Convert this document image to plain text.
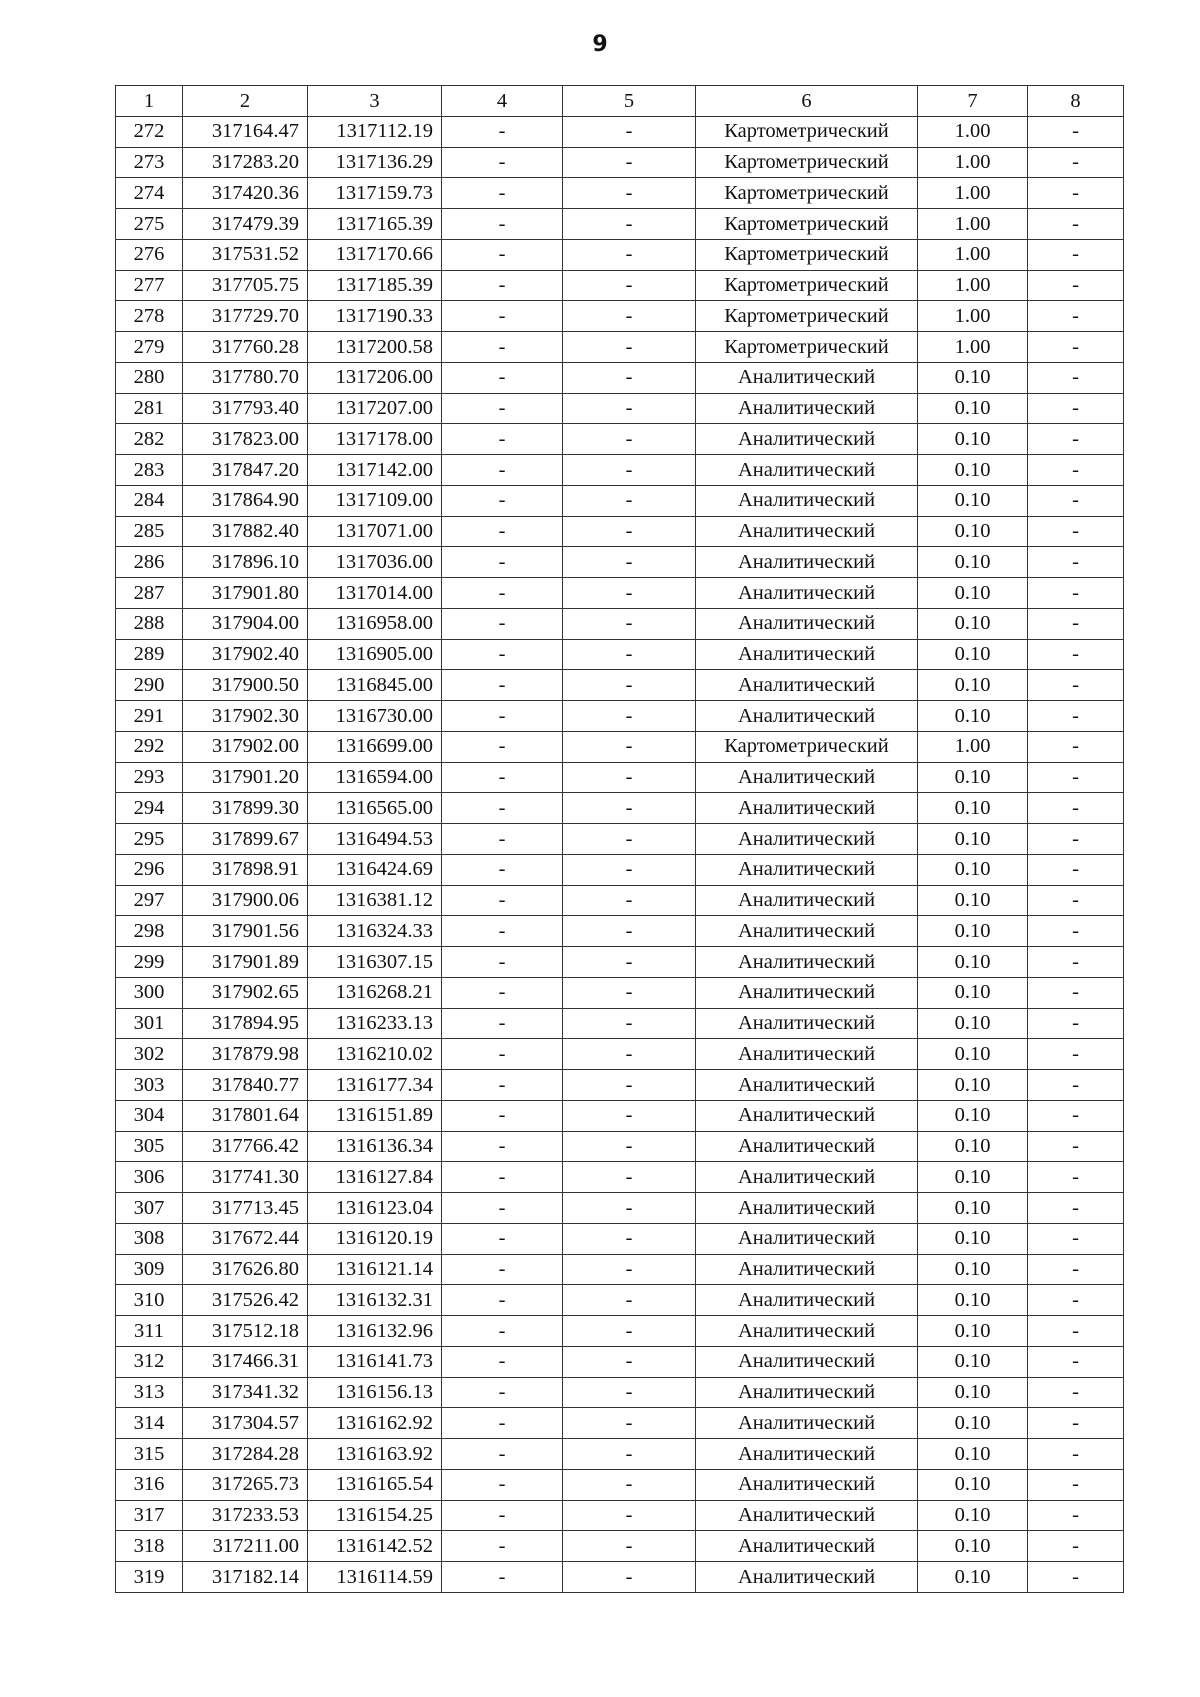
9
1	2	3	4	5	6	7	8
272	317164.47	1317112.19	-	-	Картометрический	1.00	-
273	317283.20	1317136.29	-	-	Картометрический	1.00	-
274	317420.36	1317159.73	-	-	Картометрический	1.00	-
275	317479.39	1317165.39	-	-	Картометрический	1.00	-
276	317531.52	1317170.66	-	-	Картометрический	1.00	-
277	317705.75	1317185.39	-	-	Картометрический	1.00	-
278	317729.70	1317190.33	-	-	Картометрический	1.00	-
279	317760.28	1317200.58	-	-	Картометрический	1.00	-
280	317780.70	1317206.00	-	-	Аналитический	0.10	-
281	317793.40	1317207.00	-	-	Аналитический	0.10	-
282	317823.00	1317178.00	-	-	Аналитический	0.10	-
283	317847.20	1317142.00	-	-	Аналитический	0.10	-
284	317864.90	1317109.00	-	-	Аналитический	0.10	-
285	317882.40	1317071.00	-	-	Аналитический	0.10	-
286	317896.10	1317036.00	-	-	Аналитический	0.10	-
287	317901.80	1317014.00	-	-	Аналитический	0.10	-
288	317904.00	1316958.00	-	-	Аналитический	0.10	-
289	317902.40	1316905.00	-	-	Аналитический	0.10	-
290	317900.50	1316845.00	-	-	Аналитический	0.10	-
291	317902.30	1316730.00	-	-	Аналитический	0.10	-
292	317902.00	1316699.00	-	-	Картометрический	1.00	-
293	317901.20	1316594.00	-	-	Аналитический	0.10	-
294	317899.30	1316565.00	-	-	Аналитический	0.10	-
295	317899.67	1316494.53	-	-	Аналитический	0.10	-
296	317898.91	1316424.69	-	-	Аналитический	0.10	-
297	317900.06	1316381.12	-	-	Аналитический	0.10	-
298	317901.56	1316324.33	-	-	Аналитический	0.10	-
299	317901.89	1316307.15	-	-	Аналитический	0.10	-
300	317902.65	1316268.21	-	-	Аналитический	0.10	-
301	317894.95	1316233.13	-	-	Аналитический	0.10	-
302	317879.98	1316210.02	-	-	Аналитический	0.10	-
303	317840.77	1316177.34	-	-	Аналитический	0.10	-
304	317801.64	1316151.89	-	-	Аналитический	0.10	-
305	317766.42	1316136.34	-	-	Аналитический	0.10	-
306	317741.30	1316127.84	-	-	Аналитический	0.10	-
307	317713.45	1316123.04	-	-	Аналитический	0.10	-
308	317672.44	1316120.19	-	-	Аналитический	0.10	-
309	317626.80	1316121.14	-	-	Аналитический	0.10	-
310	317526.42	1316132.31	-	-	Аналитический	0.10	-
311	317512.18	1316132.96	-	-	Аналитический	0.10	-
312	317466.31	1316141.73	-	-	Аналитический	0.10	-
313	317341.32	1316156.13	-	-	Аналитический	0.10	-
314	317304.57	1316162.92	-	-	Аналитический	0.10	-
315	317284.28	1316163.92	-	-	Аналитический	0.10	-
316	317265.73	1316165.54	-	-	Аналитический	0.10	-
317	317233.53	1316154.25	-	-	Аналитический	0.10	-
318	317211.00	1316142.52	-	-	Аналитический	0.10	-
319	317182.14	1316114.59	-	-	Аналитический	0.10	-
